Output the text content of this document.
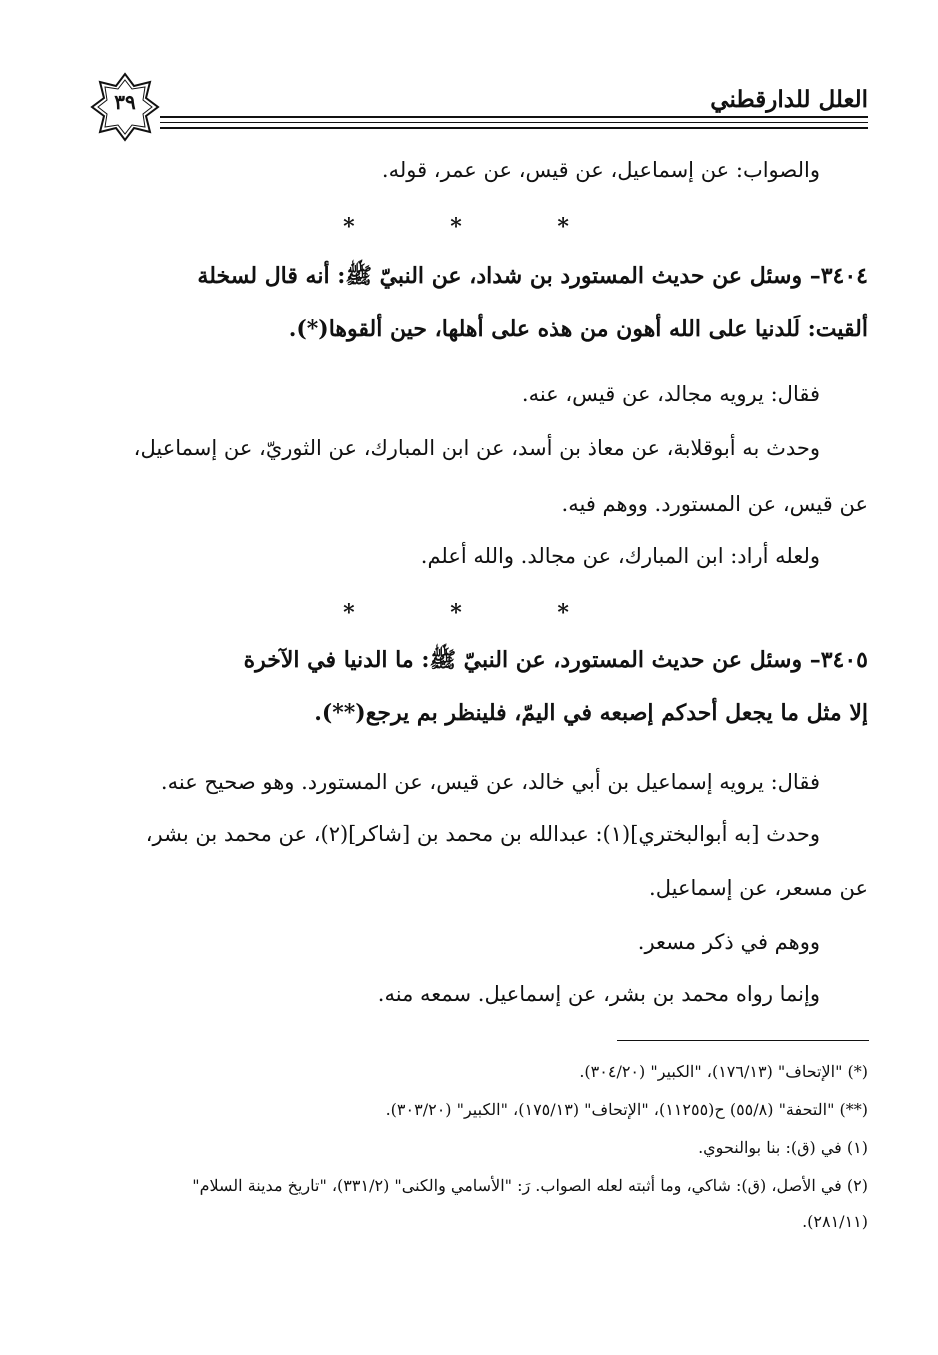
٣٩	العلل للدارقطني
والصواب: عن إسماعيل، عن قيس، عن عمر، قوله.
* * *
٣٤٠٤– وسئل عن حديث المستورد بن شداد، عن النبيّ ﷺ: أنه قال لسخلة
ألقيت: لَلدنيا على الله أهون من هذه على أهلها، حين ألقوها(*).
فقال: يرويه مجالد، عن قيس، عنه.
وحدث به أبوقلابة، عن معاذ بن أسد، عن ابن المبارك، عن الثوريّ، عن إسماعيل،
عن قيس، عن المستورد. ووهم فيه.
ولعله أراد: ابن المبارك، عن مجالد. والله أعلم.
* * *
٣٤٠٥– وسئل عن حديث المستورد، عن النبيّ ﷺ: ما الدنيا في الآخرة
إلا مثل ما يجعل أحدكم إصبعه في اليمّ، فلينظر بم يرجع(**).
فقال: يرويه إسماعيل بن أبي خالد، عن قيس، عن المستورد. وهو صحيح عنه.
وحدث [به أبوالبختري](١): عبدالله بن محمد بن [شاكر](٢)، عن محمد بن بشر،
عن مسعر، عن إسماعيل.
ووهم في ذكر مسعر.
وإنما رواه محمد بن بشر، عن إسماعيل. سمعه منه.
(*) "الإتحاف" (١٧٦/١٣)، "الكبير" (٣٠٤/٢٠).
(**) "التحفة" (٥٥/٨) ح(١١٢٥٥)، "الإتحاف" (١٧٥/١٣)، "الكبير" (٣٠٣/٢٠).
(١) في (ق): بنا بوالنحوي.
(٢) في الأصل، (ق): شاكي، وما أثبته لعله الصواب. رَ: "الأسامي والكنى" (٣٣١/٢)، "تاريخ مدينة السلام"
(٢٨١/١١).
